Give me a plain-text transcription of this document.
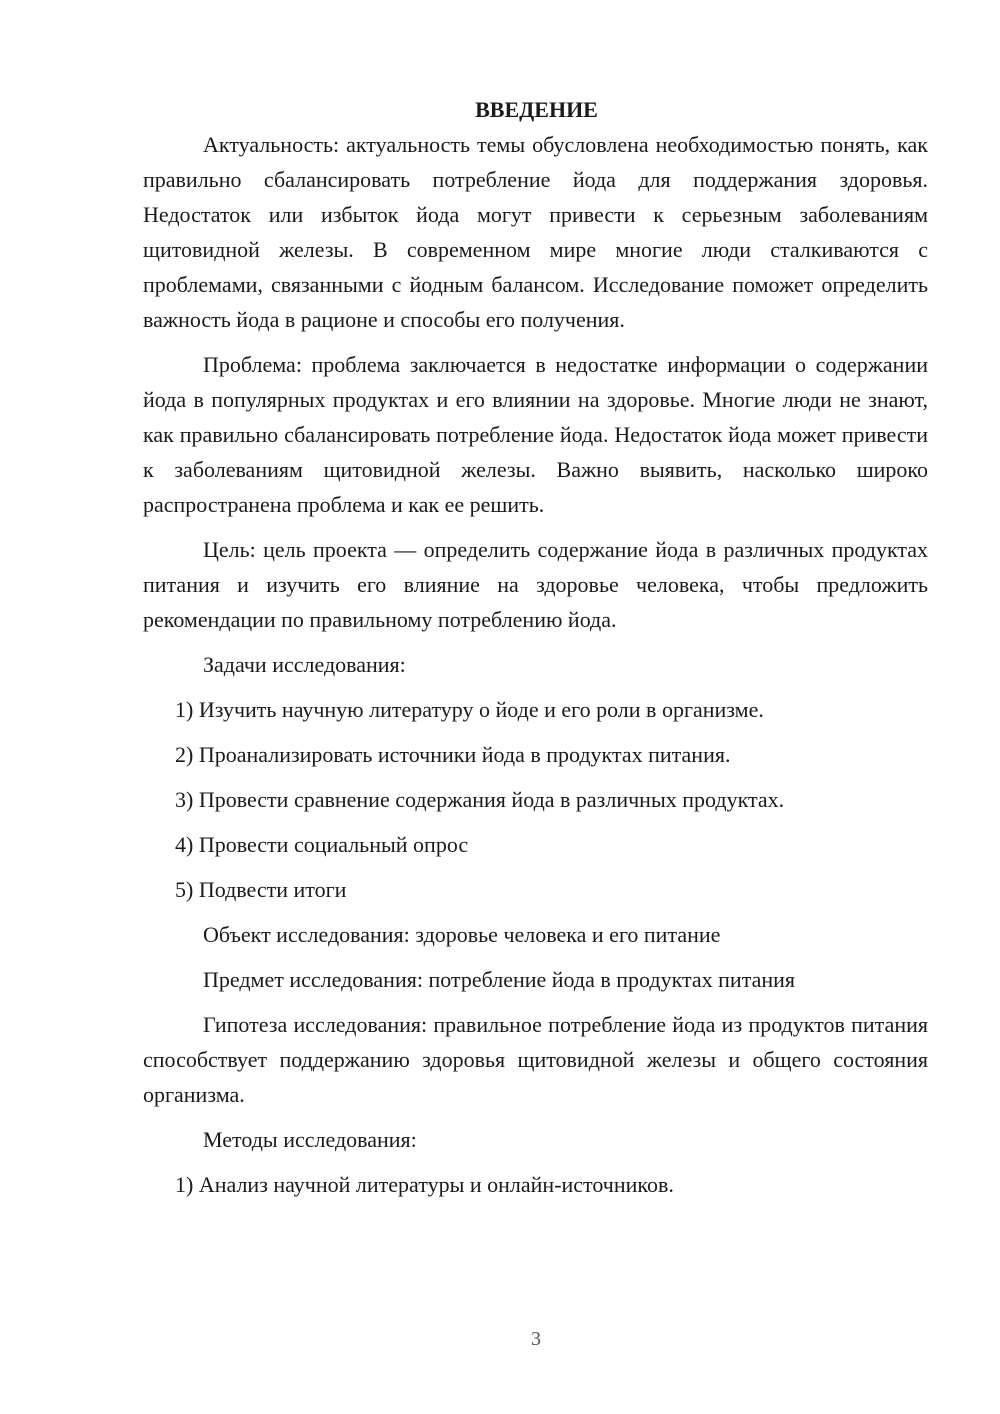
ВВЕДЕНИЕ

Актуальность: актуальность темы обусловлена необходимостью понять, как правильно сбалансировать потребление йода для поддержания здоровья. Недостаток или избыток йода могут привести к серьезным заболеваниям щитовидной железы. В современном мире многие люди сталкиваются с проблемами, связанными с йодным балансом. Исследование поможет определить важность йода в рационе и способы его получения.

Проблема: проблема заключается в недостатке информации о содержании йода в популярных продуктах и его влиянии на здоровье. Многие люди не знают, как правильно сбалансировать потребление йода. Недостаток йода может привести к заболеваниям щитовидной железы. Важно выявить, насколько широко распространена проблема и как ее решить.

Цель: цель проекта — определить содержание йода в различных продуктах питания и изучить его влияние на здоровье человека, чтобы предложить рекомендации по правильному потреблению йода.

Задачи исследования:

1) Изучить научную литературу о йоде и его роли в организме.

2) Проанализировать источники йода в продуктах питания.

3) Провести сравнение содержания йода в различных продуктах.

4) Провести социальный опрос

5) Подвести итоги

Объект исследования: здоровье человека и его питание

Предмет исследования: потребление йода в продуктах питания

Гипотеза исследования: правильное потребление йода из продуктов питания способствует поддержанию здоровья щитовидной железы и общего состояния организма.

Методы исследования:

1) Анализ научной литературы и онлайн-источников.

3
